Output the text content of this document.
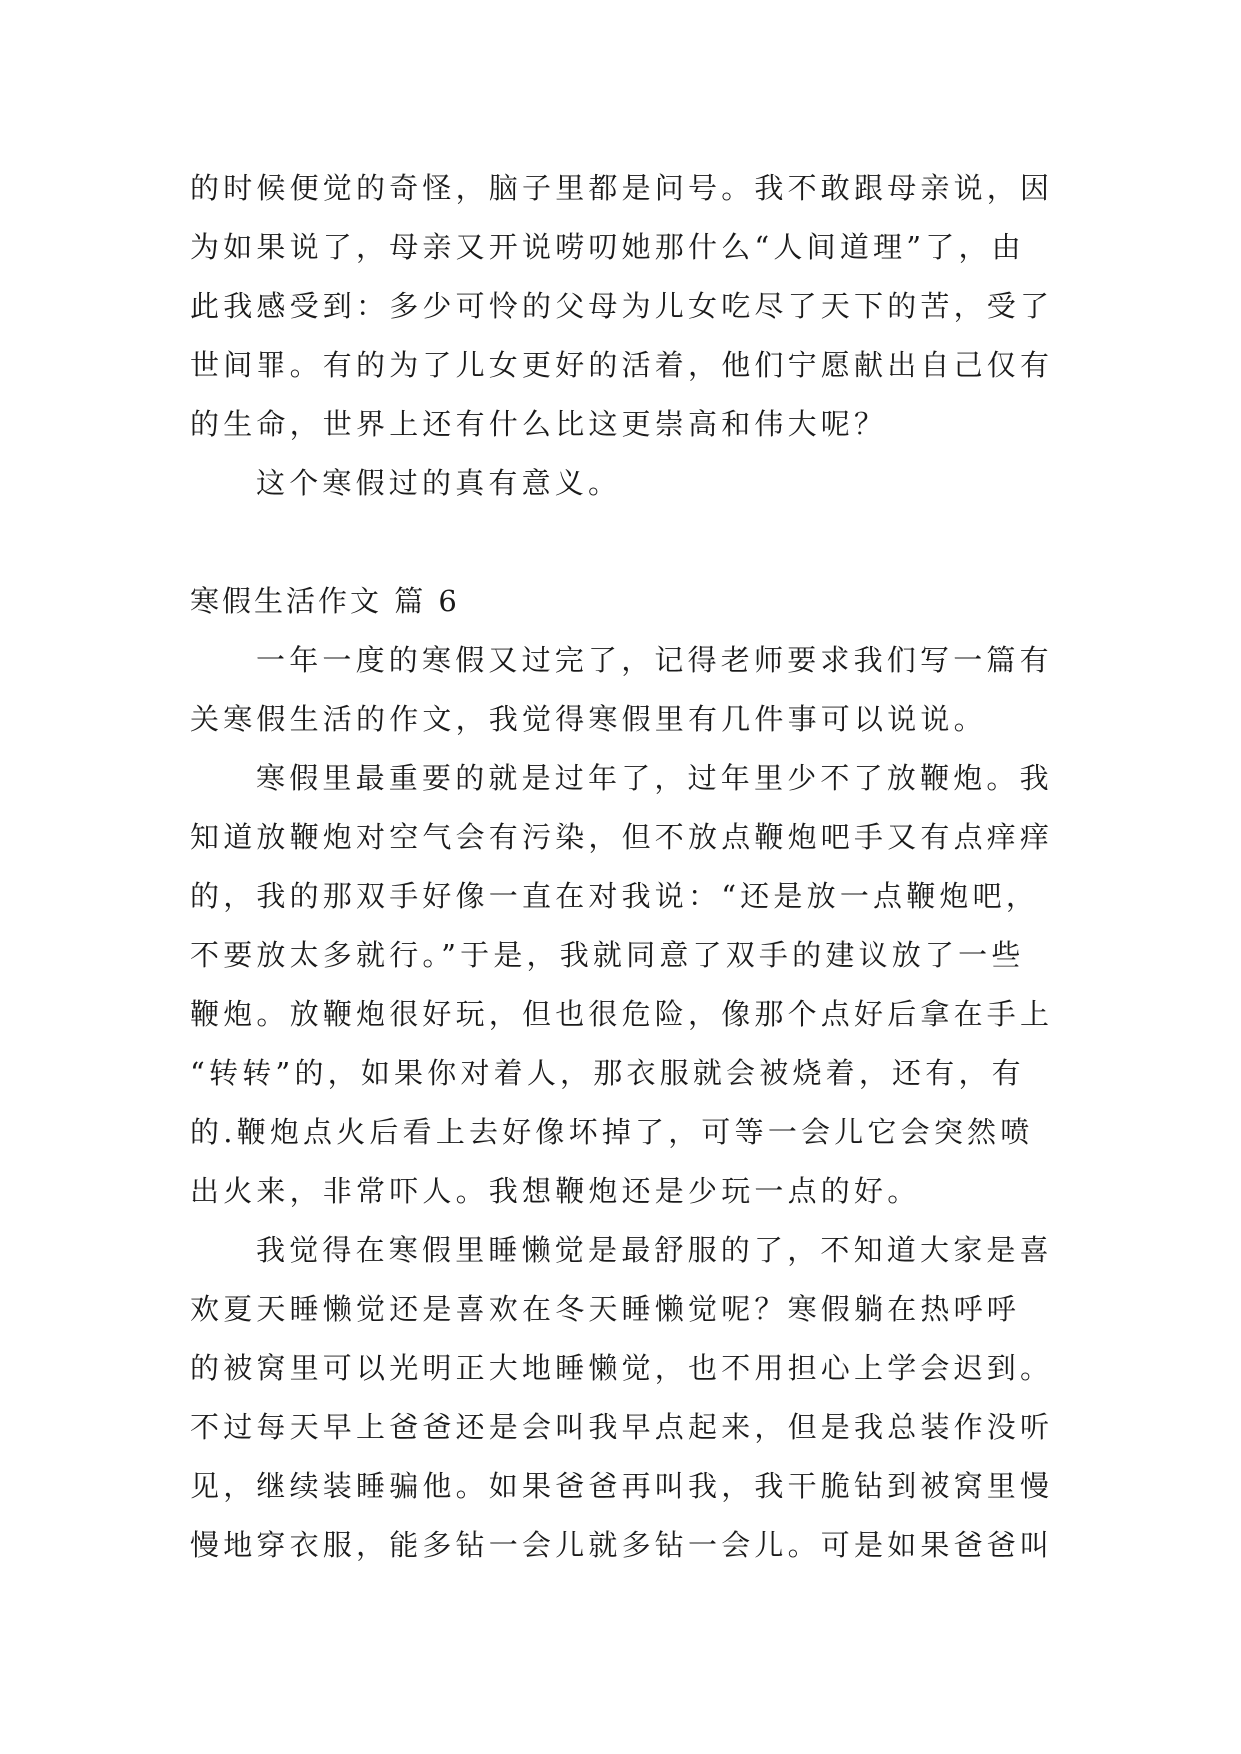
的时候便觉的奇怪，脑子里都是问号。我不敢跟母亲说，因
为如果说了，母亲又开说唠叨她那什么“人间道理”了，由
此我感受到：多少可怜的父母为儿女吃尽了天下的苦，受了
世间罪。有的为了儿女更好的活着，他们宁愿献出自己仅有
的生命，世界上还有什么比这更崇高和伟大呢？
这个寒假过的真有意义。
寒假生活作文 篇 6
一年一度的寒假又过完了，记得老师要求我们写一篇有
关寒假生活的作文，我觉得寒假里有几件事可以说说。
寒假里最重要的就是过年了，过年里少不了放鞭炮。我
知道放鞭炮对空气会有污染，但不放点鞭炮吧手又有点痒痒
的，我的那双手好像一直在对我说：“还是放一点鞭炮吧，
不要放太多就行。”于是，我就同意了双手的建议放了一些
鞭炮。放鞭炮很好玩，但也很危险，像那个点好后拿在手上
“转转”的，如果你对着人，那衣服就会被烧着，还有，有
的.鞭炮点火后看上去好像坏掉了，可等一会儿它会突然喷
出火来，非常吓人。我想鞭炮还是少玩一点的好。
我觉得在寒假里睡懒觉是最舒服的了，不知道大家是喜
欢夏天睡懒觉还是喜欢在冬天睡懒觉呢？寒假躺在热呼呼
的被窝里可以光明正大地睡懒觉，也不用担心上学会迟到。
不过每天早上爸爸还是会叫我早点起来，但是我总装作没听
见，继续装睡骗他。如果爸爸再叫我，我干脆钻到被窝里慢
慢地穿衣服，能多钻一会儿就多钻一会儿。可是如果爸爸叫
